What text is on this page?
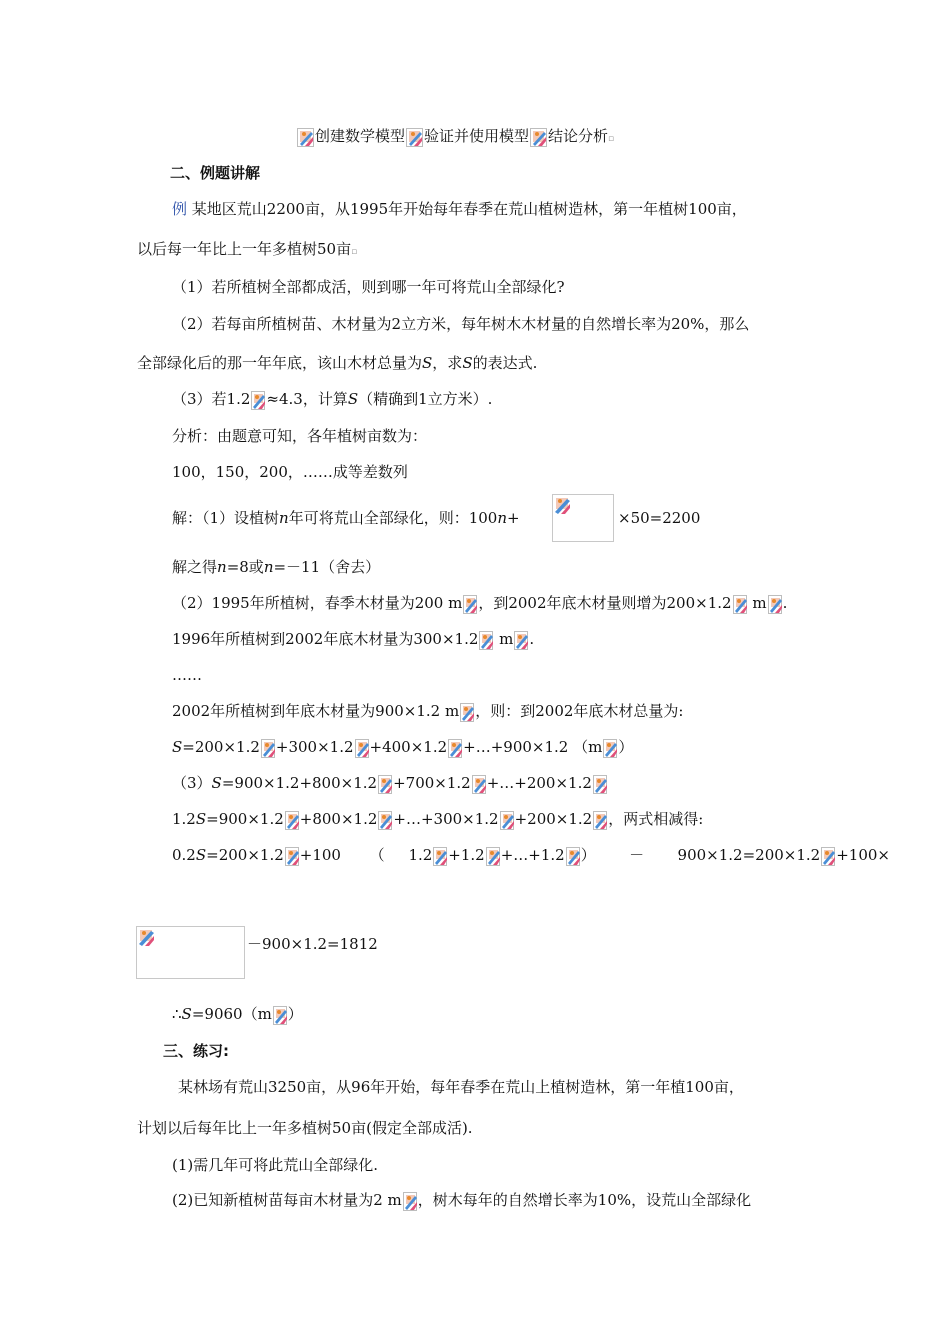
创建数学模型 验证并使用模型 结论分析▫
二、例题讲解
例 某地区荒山2200亩，从1995年开始每年春季在荒山植树造林，第一年植树100亩，
以后每一年比上一年多植树50亩▫
（1）若所植树全部都成活，则到哪一年可将荒山全部绿化?
（2）若每亩所植树苗、木材量为2立方米，每年树木木材量的自然增长率为20%，那么
全部绿化后的那一年年底，该山木材总量为S，求S的表达式.
（3）若1.2 ≈4.3，计算S（精确到1立方米）.
分析：由题意可知，各年植树亩数为：
100，150，200，……成等差数列
解：（1）设植树n年可将荒山全部绿化，则：100n+	×50=2200
解之得n=8或n=－11（舍去）
（2）1995年所植树，春季木材量为200 m ，到2002年底木材量则增为200×1.2
m .
1996年所植树到2002年底木材量为300×1.2
m .
……
2002年所植树到年底木材量为900×1.2 m ，则：到2002年底木材总量为:
S=200×1.2 +300×1.2 +400×1.2 +…+900×1.2 （m ）
（3）S=900×1.2+800×1.2 +700×1.2 +…+200×1.2
1.2S=900×1.2 +800×1.2 +…+300×1.2 +200×1.2 ，两式相减得:
0.2S=200×1.2 +100 （ 1.2 +1.2 +…+1.2 ） － 900×1.2=200×1.2 +100×
－900×1.2=1812
∴S=9060（m ）
三、练习:
某林场有荒山3250亩，从96年开始，每年春季在荒山上植树造林，第一年植100亩，
计划以后每年比上一年多植树50亩(假定全部成活).
(1)需几年可将此荒山全部绿化.
(2)已知新植树苗每亩木材量为2 m ，树木每年的自然增长率为10%，设荒山全部绿化
